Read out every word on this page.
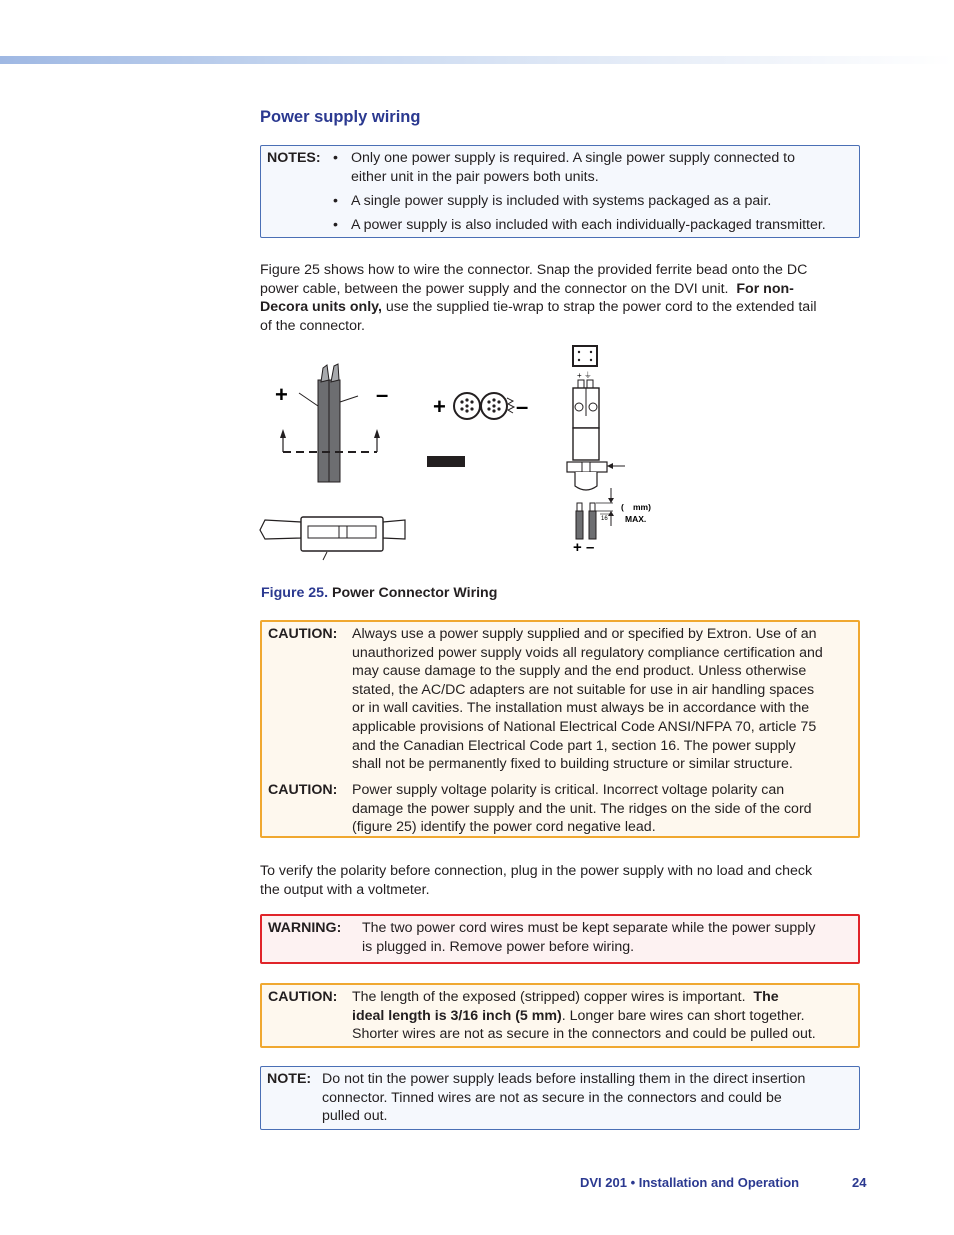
Power supply wiring
NOTES: • Only one power supply is required. A single power supply connected to
either unit in the pair powers both units.
• A single power supply is included with systems packaged as a pair.
• A power supply is also included with each individually-packaged transmitter.
Figure 25 shows how to wire the connector. Snap the provided ferrite bead onto the DC
power cable, between the power supply and the connector on the DVI unit. For non-
Decora units only, use the supplied tie-wrap to strap the power cord to the extended tail
of the connector.
+	– +	–
+ ⏚
16
( mm)
MAX.
+ –
Figure 25. Power Connector Wiring
CAUTION: Always use a power supply supplied and or specified by Extron. Use of an
unauthorized power supply voids all regulatory compliance certification and
may cause damage to the supply and the end product. Unless otherwise
stated, the AC/DC adapters are not suitable for use in air handling spaces
or in wall cavities. The installation must always be in accordance with the
applicable provisions of National Electrical Code ANSI/NFPA 70, article 75
and the Canadian Electrical Code part 1, section 16. The power supply
shall not be permanently fixed to building structure or similar structure.
CAUTION: Power supply voltage polarity is critical. Incorrect voltage polarity can
damage the power supply and the unit. The ridges on the side of the cord
(figure 25) identify the power cord negative lead.
To verify the polarity before connection, plug in the power supply with no load and check
the output with a voltmeter.
WARNING: The two power cord wires must be kept separate while the power supply
is plugged in. Remove power before wiring.
CAUTION: The length of the exposed (stripped) copper wires is important. The
ideal length is 3/16 inch (5 mm). Longer bare wires can short together.
Shorter wires are not as secure in the connectors and could be pulled out.
NOTE: Do not tin the power supply leads before installing them in the direct insertion
connector. Tinned wires are not as secure in the connectors and could be
pulled out.
DVI 201 • Installation and Operation	24
